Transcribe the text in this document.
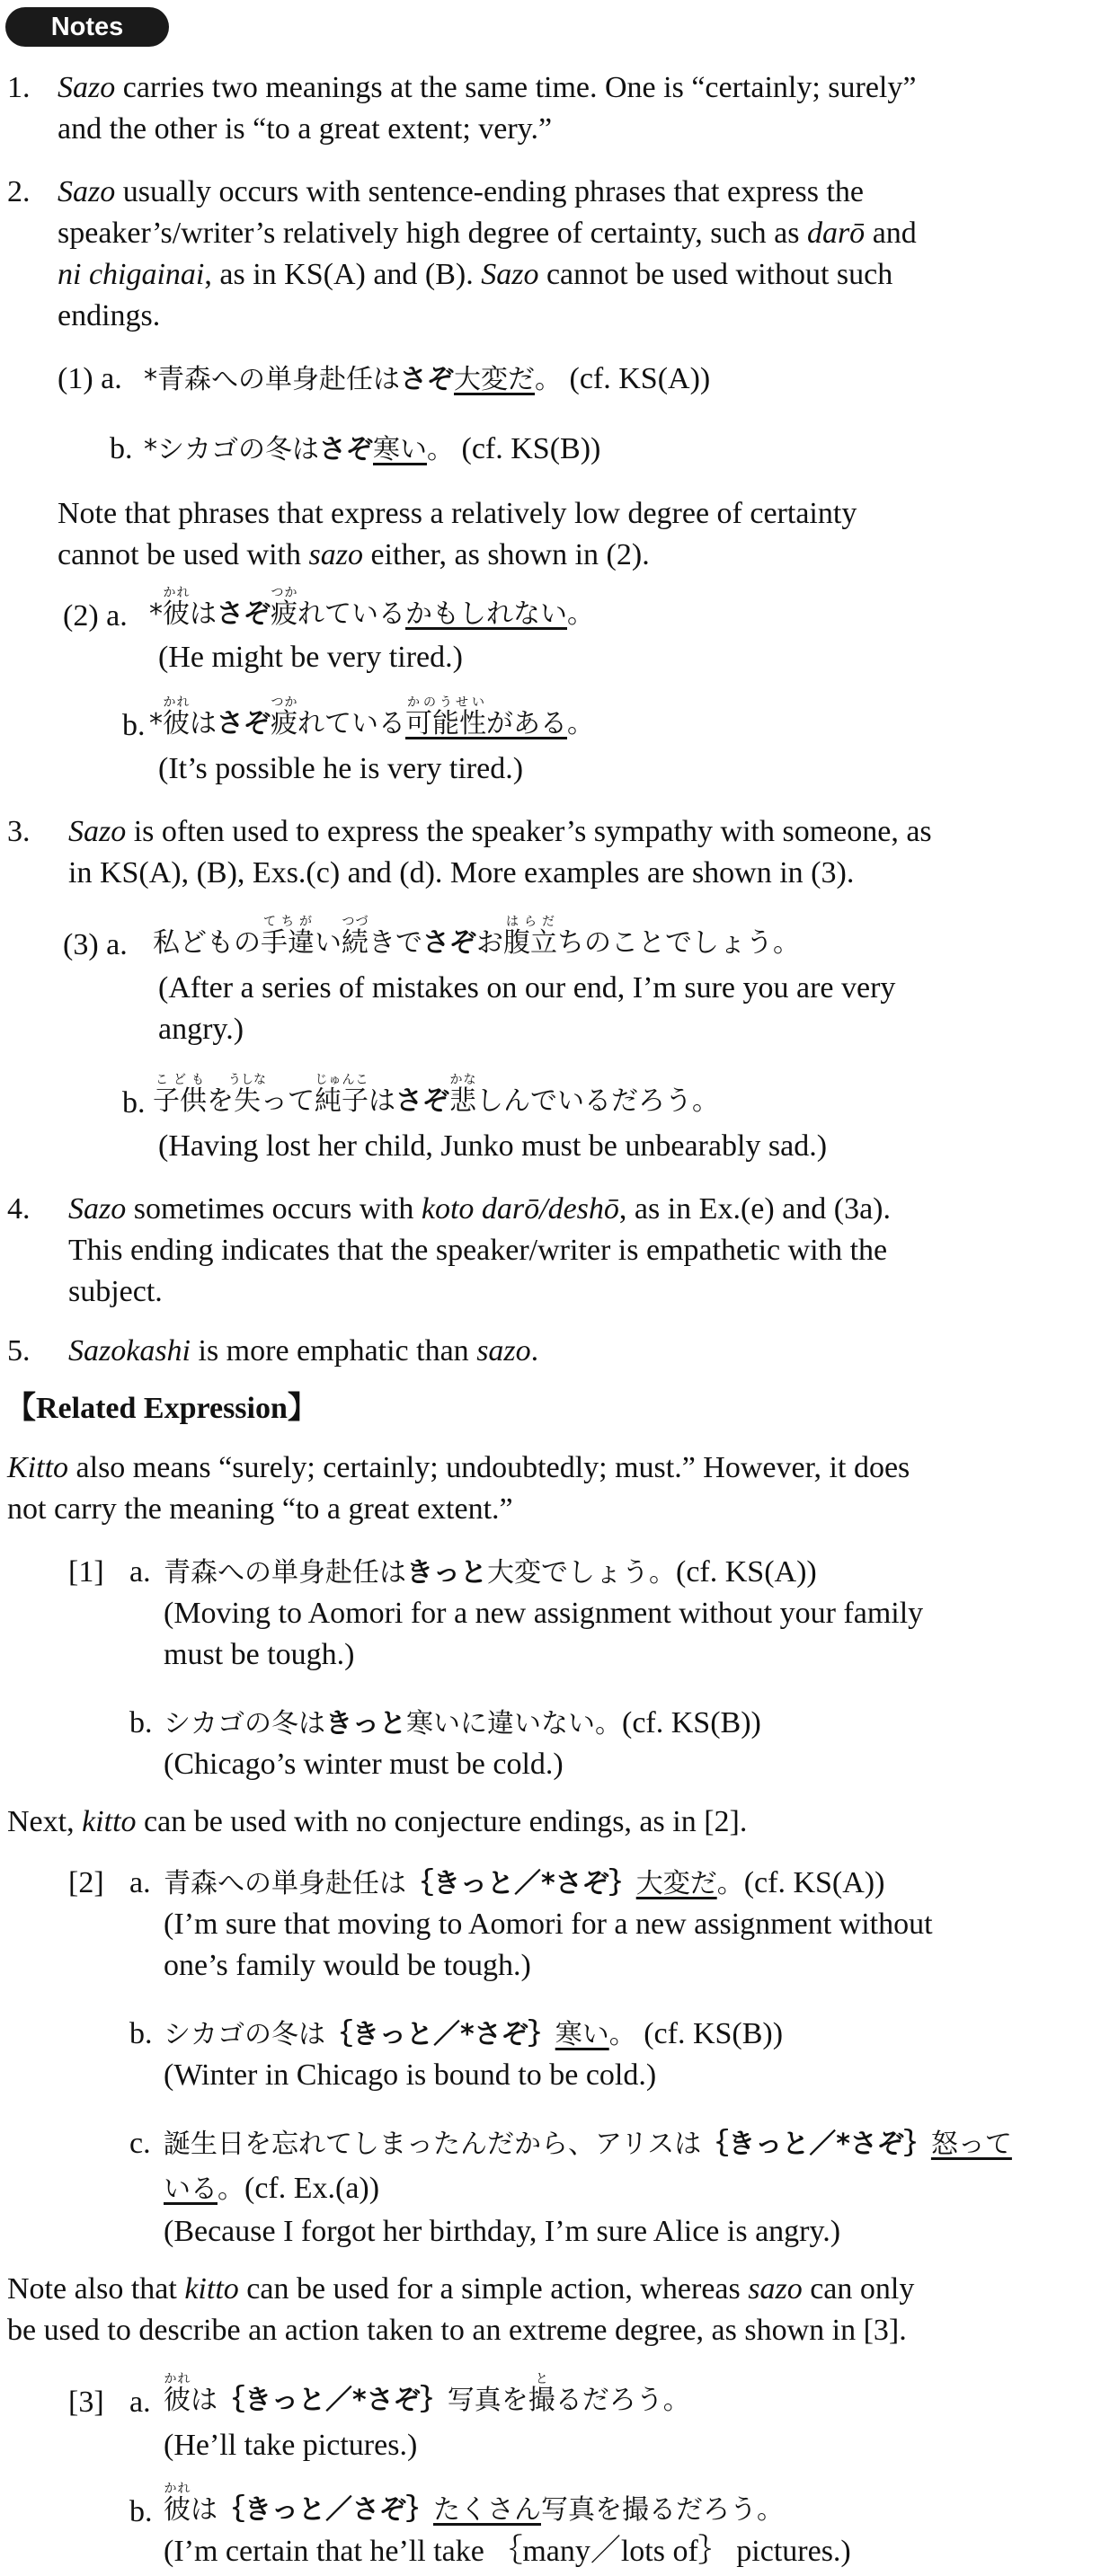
Notes
1. Sazo carries two meanings at the same time. One is “certainly; surely”
and the other is “to a great extent; very.”
2. Sazo usually occurs with sentence-ending phrases that express the
speaker’s/writer’s relatively high degree of certainty, such as darō and
ni chigainai, as in KS(A) and (B). Sazo cannot be used without such
endings.
(1) a. *青森への単身赴任はさぞ大変だ。 (cf. KS(A))
b. *シカゴの冬はさぞ寒い。 (cf. KS(B))
Note that phrases that express a relatively low degree of certainty
cannot be used with sazo either, as shown in (2).
(2) a. *彼かれはさぞ疲つかれているかもしれない。
(He might be very tired.)
b. *彼かれはさぞ疲つかれている可能性かのうせいがある。
(It’s possible he is very tired.)
3. Sazo is often used to express the speaker’s sympathy with someone, as
in KS(A), (B), Exs.(c) and (d). More examples are shown in (3).
(3) a. 私どもの手違てちがい続つづきでさぞお腹立はらだちのことでしょう。
(After a series of mistakes on our end, I’m sure you are very
angry.)
b. 子供こどもを失うしなって純子じゅんこはさぞ悲かなしんでいるだろう。
(Having lost her child, Junko must be unbearably sad.)
4. Sazo sometimes occurs with koto darō/deshō, as in Ex.(e) and (3a).
This ending indicates that the speaker/writer is empathetic with the
subject.
5. Sazokashi is more emphatic than sazo.
【Related Expression】
Kitto also means “surely; certainly; undoubtedly; must.” However, it does
not carry the meaning “to a great extent.”
[1] a. 青森への単身赴任はきっと大変でしょう。(cf. KS(A))
(Moving to Aomori for a new assignment without your family
must be tough.)
b. シカゴの冬はきっと寒いに違いない。(cf. KS(B))
(Chicago’s winter must be cold.)
Next, kitto can be used with no conjecture endings, as in [2].
[2] a. 青森への単身赴任は｛きっと／*さぞ｝大変だ。(cf. KS(A))
(I’m sure that moving to Aomori for a new assignment without
one’s family would be tough.)
b. シカゴの冬は｛きっと／*さぞ｝寒い。 (cf. KS(B))
(Winter in Chicago is bound to be cold.)
c. 誕生日を忘れてしまったんだから、アリスは｛きっと／*さぞ｝怒って
いる。(cf. Ex.(a))
(Because I forgot her birthday, I’m sure Alice is angry.)
Note also that kitto can be used for a simple action, whereas sazo can only
be used to describe an action taken to an extreme degree, as shown in [3].
[3] a. 彼かれは｛きっと／*さぞ｝写真を撮とるだろう。
(He’ll take pictures.)
b. 彼かれは｛きっと／さぞ｝たくさん写真を撮るだろう。
(I’m certain that he’ll take ｛many／lots of｝ pictures.)
